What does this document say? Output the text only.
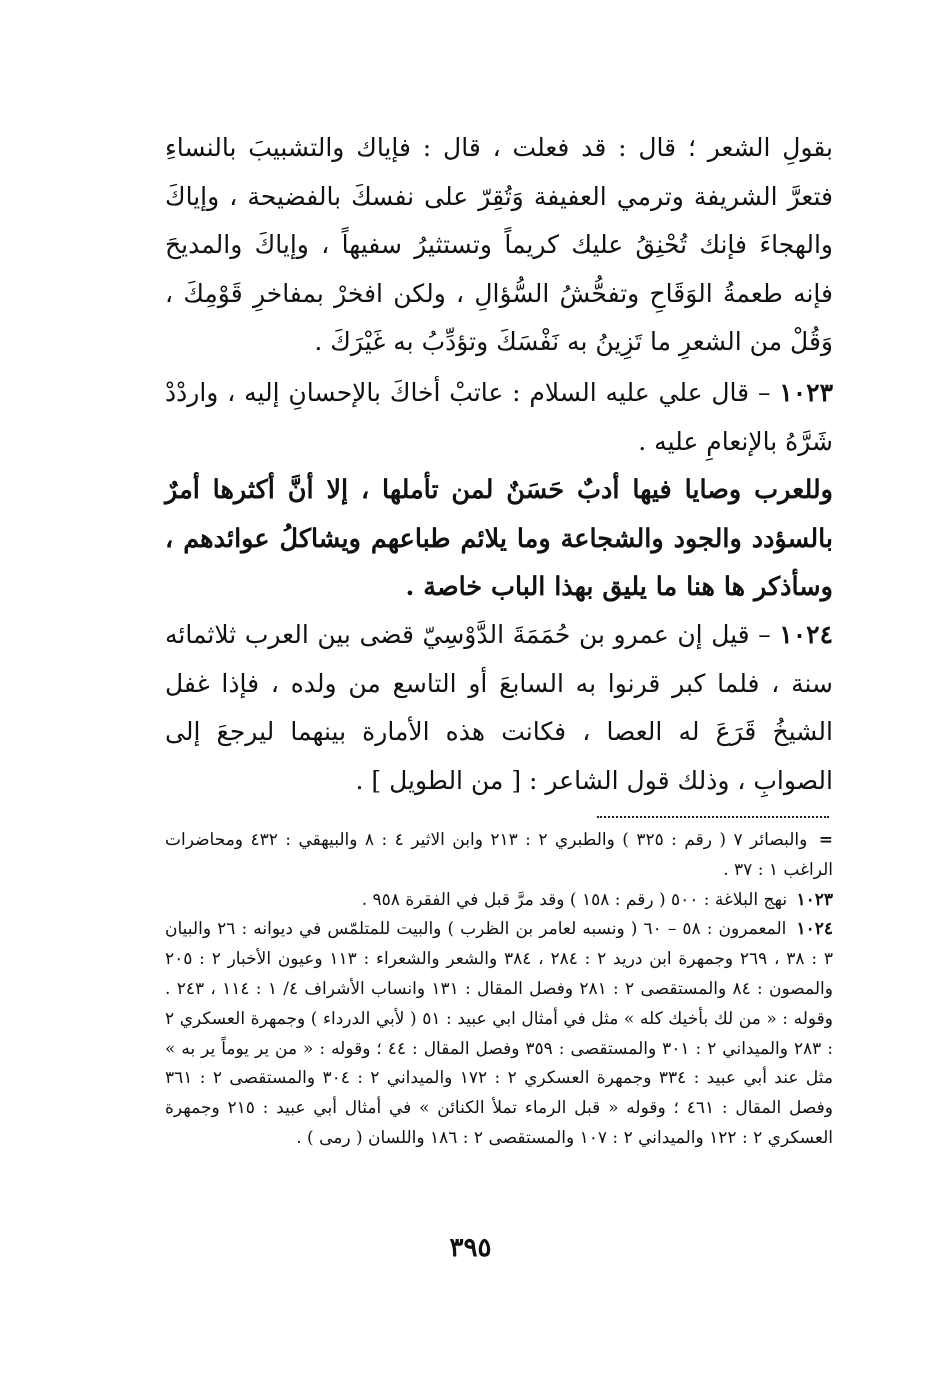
بقولِ الشعر ؛ قال : قد فعلت ، قال : فإياك والتشبيبَ بالنساءِ فتعرَّ الشريفة وترمي العفيفة وَتُقِرّ على نفسكَ بالفضيحة ، وإياكَ والهجاءَ فإنك تُحْنِقُ عليك كريماً وتستثيرُ سفيهاً ، وإياكَ والمديحَ فإنه طعمةُ الوَقَاحِ وتفحُّشُ السُّؤالِ ، ولكن افخرْ بمفاخرِ قَوْمِكَ ، وَقُلْ من الشعرِ ما تَزِينُ به نَفْسَكَ وتؤدِّبُ به غَيْرَكَ .

١٠٢٣ – قال علي عليه السلام : عاتبْ أخاكَ بالإحسانِ إليه ، واردْدْ شَرَّهُ بالإنعامِ عليه .

وللعرب وصايا فيها أدبٌ حَسَنٌ لمن تأملها ، إلا أنَّ أكثرها أمرٌ بالسؤدد والجود والشجاعة وما يلائم طباعهم ويشاكلُ عوائدهم ، وسأذكر ها هنا ما يليق بهذا الباب خاصة .

١٠٢٤ – قيل إن عمرو بن حُمَمَةَ الدَّوْسِيّ قضى بين العرب ثلاثمائه سنة ، فلما كبر قرنوا به السابعَ أو التاسع من ولده ، فإذا غفل الشيخُ قَرَعَ له العصا ، فكانت هذه الأمارة بينهما ليرجعَ إلى الصوابِ ، وذلك قول الشاعر : [ من الطويل ] .

= والبصائر ٧ ( رقم : ٣٢٥ ) والطبري ٢ : ٢١٣ وابن الاثير ٤ : ٨ والبيهقي : ٤٣٢ ومحاضرات الراغب ١ : ٣٧ .

١٠٢٣ نهج البلاغة : ٥٠٠ ( رقم : ١٥٨ ) وقد مرَّ قبل في الفقرة ٩٥٨ .

١٠٢٤ المعمرون : ٥٨ – ٦٠ ( ونسبه لعامر بن الظرب ) والبيت للمتلمّس في ديوانه : ٢٦ والبيان ٣ : ٣٨ ، ٢٦٩ وجمهرة ابن دريد ٢ : ٢٨٤ ، ٣٨٤ والشعر والشعراء : ١١٣ وعيون الأخبار ٢ : ٢٠٥ والمصون : ٨٤ والمستقصى ٢ : ٢٨١ وفصل المقال : ١٣١ وانساب الأشراف ٤/ ١ : ١١٤ ، ٢٤٣ . وقوله : « من لك بأخيك كله » مثل في أمثال ابي عبيد : ٥١ ( لأبي الدرداء ) وجمهرة العسكري ٢ : ٢٨٣ والميداني ٢ : ٣٠١ والمستقصى : ٣٥٩ وفصل المقال : ٤٤ ؛ وقوله : « من ير يوماً ير به » مثل عند أبي عبيد : ٣٣٤ وجمهرة العسكري ٢ : ١٧٢ والميداني ٢ : ٣٠٤ والمستقصى ٢ : ٣٦١ وفصل المقال : ٤٦١ ؛ وقوله « قبل الرماء تملأ الكنائن » في أمثال أبي عبيد : ٢١٥ وجمهرة العسكري ٢ : ١٢٢ والميداني ٢ : ١٠٧ والمستقصى ٢ : ١٨٦ واللسان ( رمى ) .

٣٩٥
